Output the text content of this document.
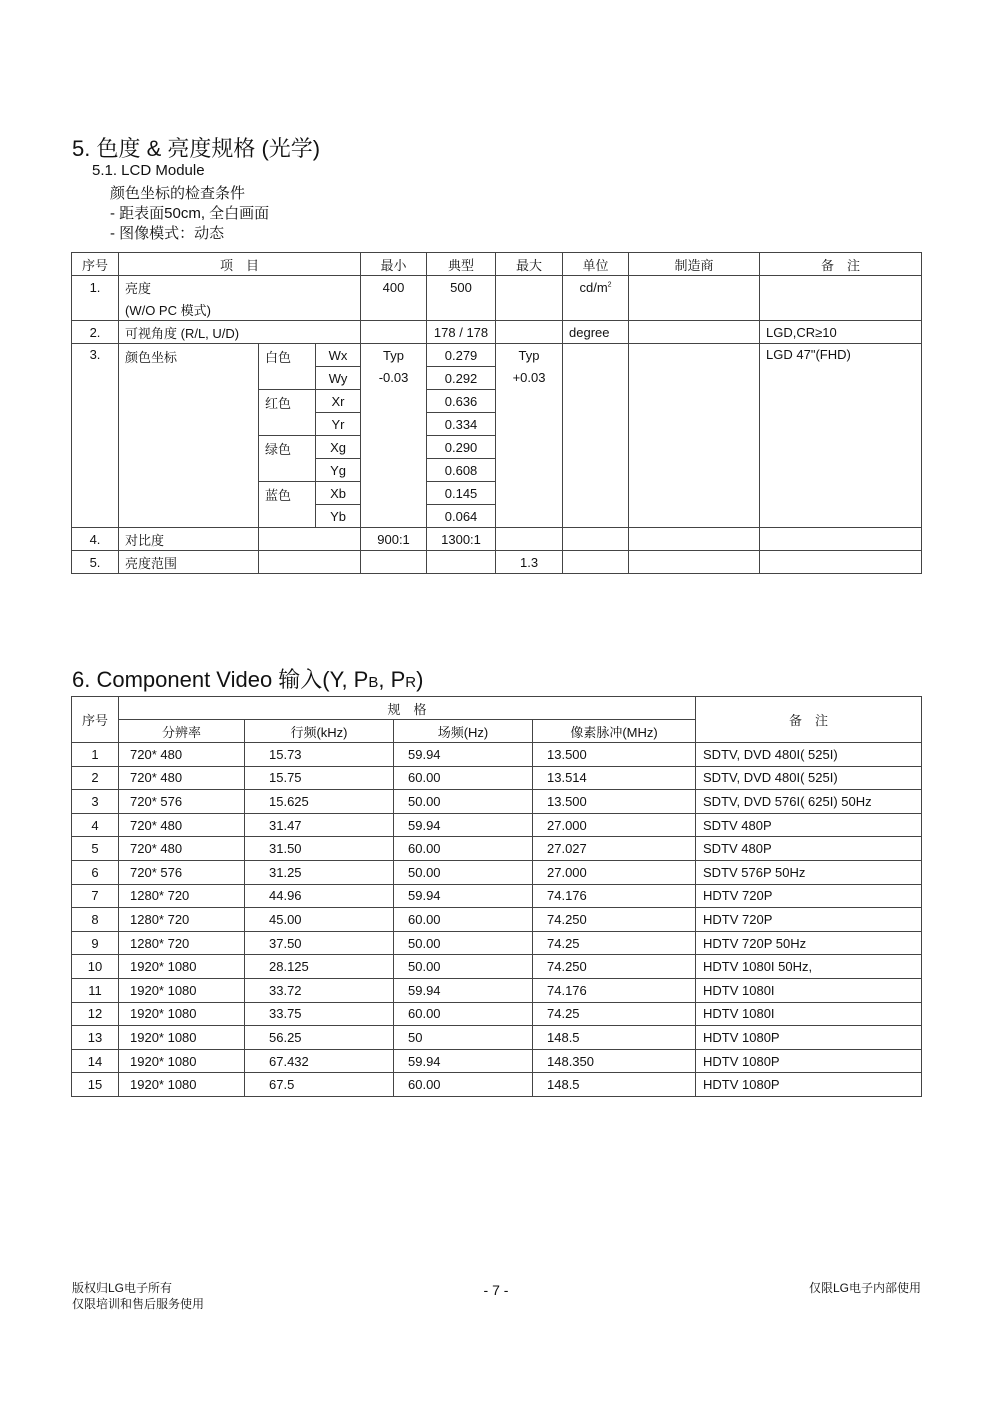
5. 色度 & 亮度规格 (光学)
5.1. LCD Module
颜色坐标的检查条件
- 距表面50cm, 全白画面
- 图像模式：动态
序号	项　目			最小	典型	最大	单位	制造商	备　注
1.	亮度			400	500		$cd/m^2$		
	(W/O PC 模式)								
2.	可视角度 (R/L, U/D)				178 / 178		degree		LGD,CR≥10
3.	颜色坐标	白色	Wx	Typ	0.279	Typ			LGD 47"(FHD)
			Wy	-0.03	0.292	+0.03			
		红色	Xr		0.636				
			Yr		0.334				
		绿色	Xg		0.290				
			Yg		0.608				
		蓝色	Xb		0.145				
			Yb		0.064				
4.	对比度			900:1	1300:1				
5.	亮度范围					1.3			
6. Component Video 输入(Y, PB, PR)
序号	规　格				备　注
	分辨率	行频(kHz)	场频(Hz)	像素脉冲(MHz)	
1	720* 480	15.73	59.94	13.500	SDTV, DVD 480I( 525I)
2	720* 480	15.75	60.00	13.514	SDTV, DVD 480I( 525I)
3	720* 576	15.625	50.00	13.500	SDTV, DVD 576I( 625I) 50Hz
4	720* 480	31.47	59.94	27.000	SDTV 480P
5	720* 480	31.50	60.00	27.027	SDTV 480P
6	720* 576	31.25	50.00	27.000	SDTV 576P 50Hz
7	1280* 720	44.96	59.94	74.176	HDTV 720P
8	1280* 720	45.00	60.00	74.250	HDTV 720P
9	1280* 720	37.50	50.00	74.25	HDTV 720P 50Hz
10	1920* 1080	28.125	50.00	74.250	HDTV 1080I 50Hz,
11	1920* 1080	33.72	59.94	74.176	HDTV 1080I
12	1920* 1080	33.75	60.00	74.25	HDTV 1080I
13	1920* 1080	56.25	50	148.5	HDTV 1080P
14	1920* 1080	67.432	59.94	148.350	HDTV 1080P
15	1920* 1080	67.5	60.00	148.5	HDTV 1080P
版权归LG电子所有
仅限培训和售后服务使用
- 7 -	仅限LG电子内部使用
